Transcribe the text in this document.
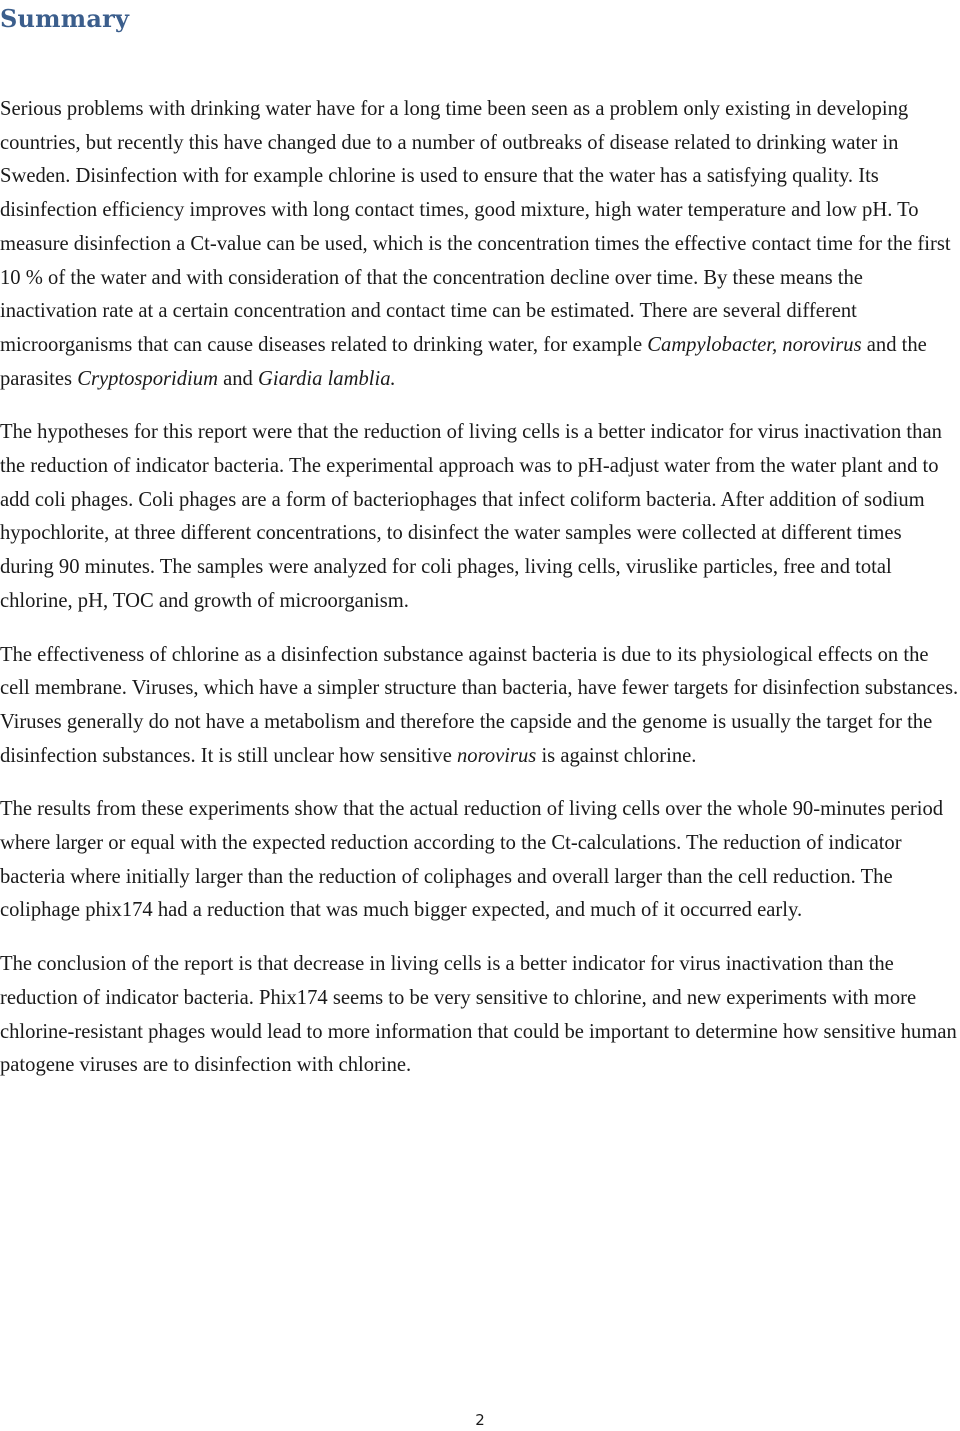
Summary

Serious problems with drinking water have for a long time been seen as a problem only existing in developing countries, but recently this have changed due to a number of outbreaks of disease related to drinking water in Sweden. Disinfection with for example chlorine is used to ensure that the water has a satisfying quality. Its disinfection efficiency improves with long contact times, good mixture, high water temperature and low pH. To measure disinfection a Ct-value can be used, which is the concentration times the effective contact time for the first 10 % of the water and with consideration of that the concentration decline over time. By these means the inactivation rate at a certain concentration and contact time can be estimated. There are several different microorganisms that can cause diseases related to drinking water, for example Campylobacter, norovirus and the parasites Cryptosporidium and Giardia lamblia.

The hypotheses for this report were that the reduction of living cells is a better indicator for virus inactivation than the reduction of indicator bacteria. The experimental approach was to pH-adjust water from the water plant and to add coli phages. Coli phages are a form of bacteriophages that infect coliform bacteria. After addition of sodium hypochlorite, at three different concentrations, to disinfect the water samples were collected at different times during 90 minutes. The samples were analyzed for coli phages, living cells, viruslike particles, free and total chlorine, pH, TOC and growth of microorganism.

The effectiveness of chlorine as a disinfection substance against bacteria is due to its physiological effects on the cell membrane. Viruses, which have a simpler structure than bacteria, have fewer targets for disinfection substances. Viruses generally do not have a metabolism and therefore the capside and the genome is usually the target for the disinfection substances. It is still unclear how sensitive norovirus is against chlorine.

The results from these experiments show that the actual reduction of living cells over the whole 90-minutes period where larger or equal with the expected reduction according to the Ct-calculations. The reduction of indicator bacteria where initially larger than the reduction of coliphages and overall larger than the cell reduction. The coliphage phix174 had a reduction that was much bigger expected, and much of it occurred early.

The conclusion of the report is that decrease in living cells is a better indicator for virus inactivation than the reduction of indicator bacteria. Phix174 seems to be very sensitive to chlorine, and new experiments with more chlorine-resistant phages would lead to more information that could be important to determine how sensitive human patogene viruses are to disinfection with chlorine.

2
